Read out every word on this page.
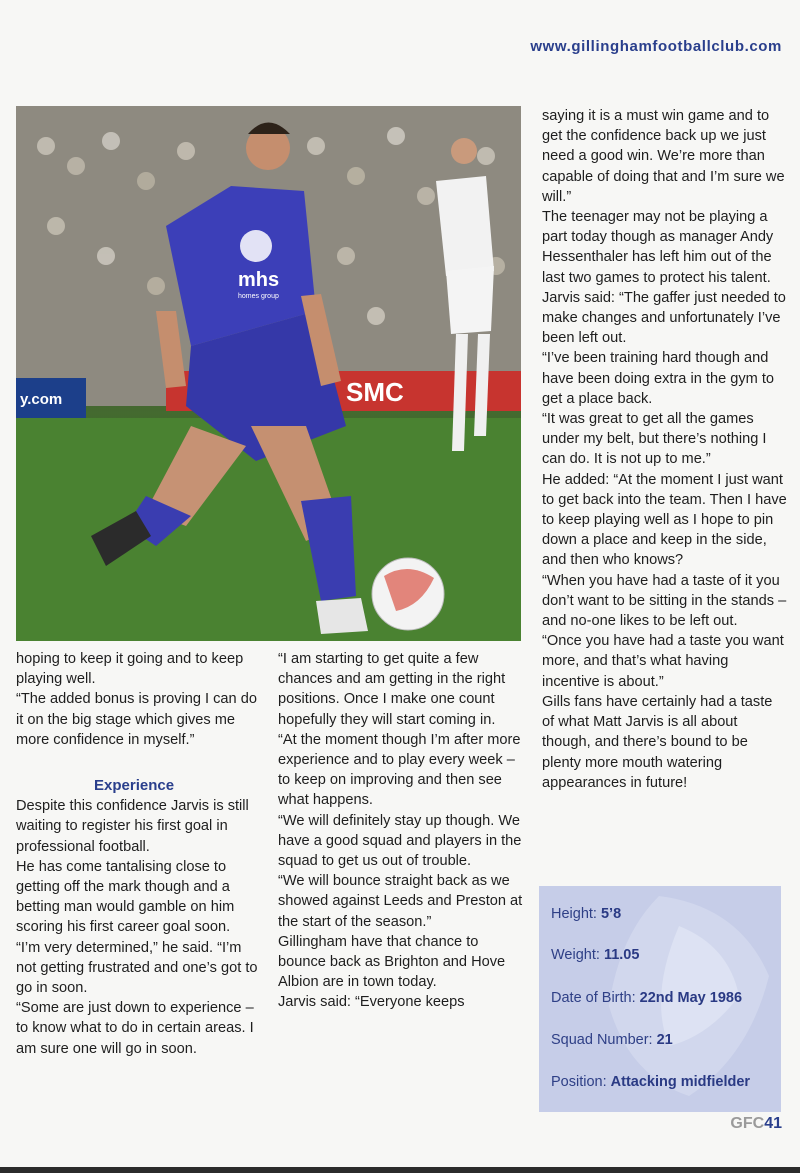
www.gillinghamfootballclub.com
y.com	SMC
mhs
homes group

hoping to keep it going and to keep playing well.

“The added bonus is proving I can do it on the big stage which gives me more confidence in myself.”

Experience

Despite this confidence Jarvis is still waiting to register his first goal in professional football.

He has come tantalising close to getting off the mark though and a betting man would gamble on him scoring his first career goal soon.

“I’m very determined,” he said. “I’m not getting frustrated and one’s got to go in soon.

“Some are just down to experience – to know what to do in certain areas. I am sure one will go in soon.

“I am starting to get quite a few chances and am getting in the right positions. Once I make one count hopefully they will start coming in.

“At the moment though I’m after more experience and to play every week – to keep on improving and then see what happens.

“We will definitely stay up though. We have a good squad and players in the squad to get us out of trouble.

“We will bounce straight back as we showed against Leeds and Preston at the start of the season.”

Gillingham have that chance to bounce back as Brighton and Hove Albion are in town today.

Jarvis said: “Everyone keeps

saying it is a must win game and to get the confidence back up we just need a good win. We’re more than capable of doing that and I’m sure we will.”

The teenager may not be playing a part today though as manager Andy Hessenthaler has left him out of the last two games to protect his talent.

Jarvis said: “The gaffer just needed to make changes and unfortunately I’ve been left out.

“I’ve been training hard though and have been doing extra in the gym to get a place back.

“It was great to get all the games under my belt, but there’s nothing I can do. It is not up to me.”

He added: “At the moment I just want to get back into the team. Then I have to keep playing well as I hope to pin down a place and keep in the side, and then who knows?

“When you have had a taste of it you don’t want to be sitting in the stands – and no-one likes to be left out.

“Once you have had a taste you want more, and that’s what having incentive is about.”

Gills fans have certainly had a taste of what Matt Jarvis is all about though, and there’s bound to be plenty more mouth watering appearances in future!

Height: 5’8
Weight: 11.05
Date of Birth: 22nd May 1986
Squad Number: 21
Position: Attacking midfielder
GFC41
